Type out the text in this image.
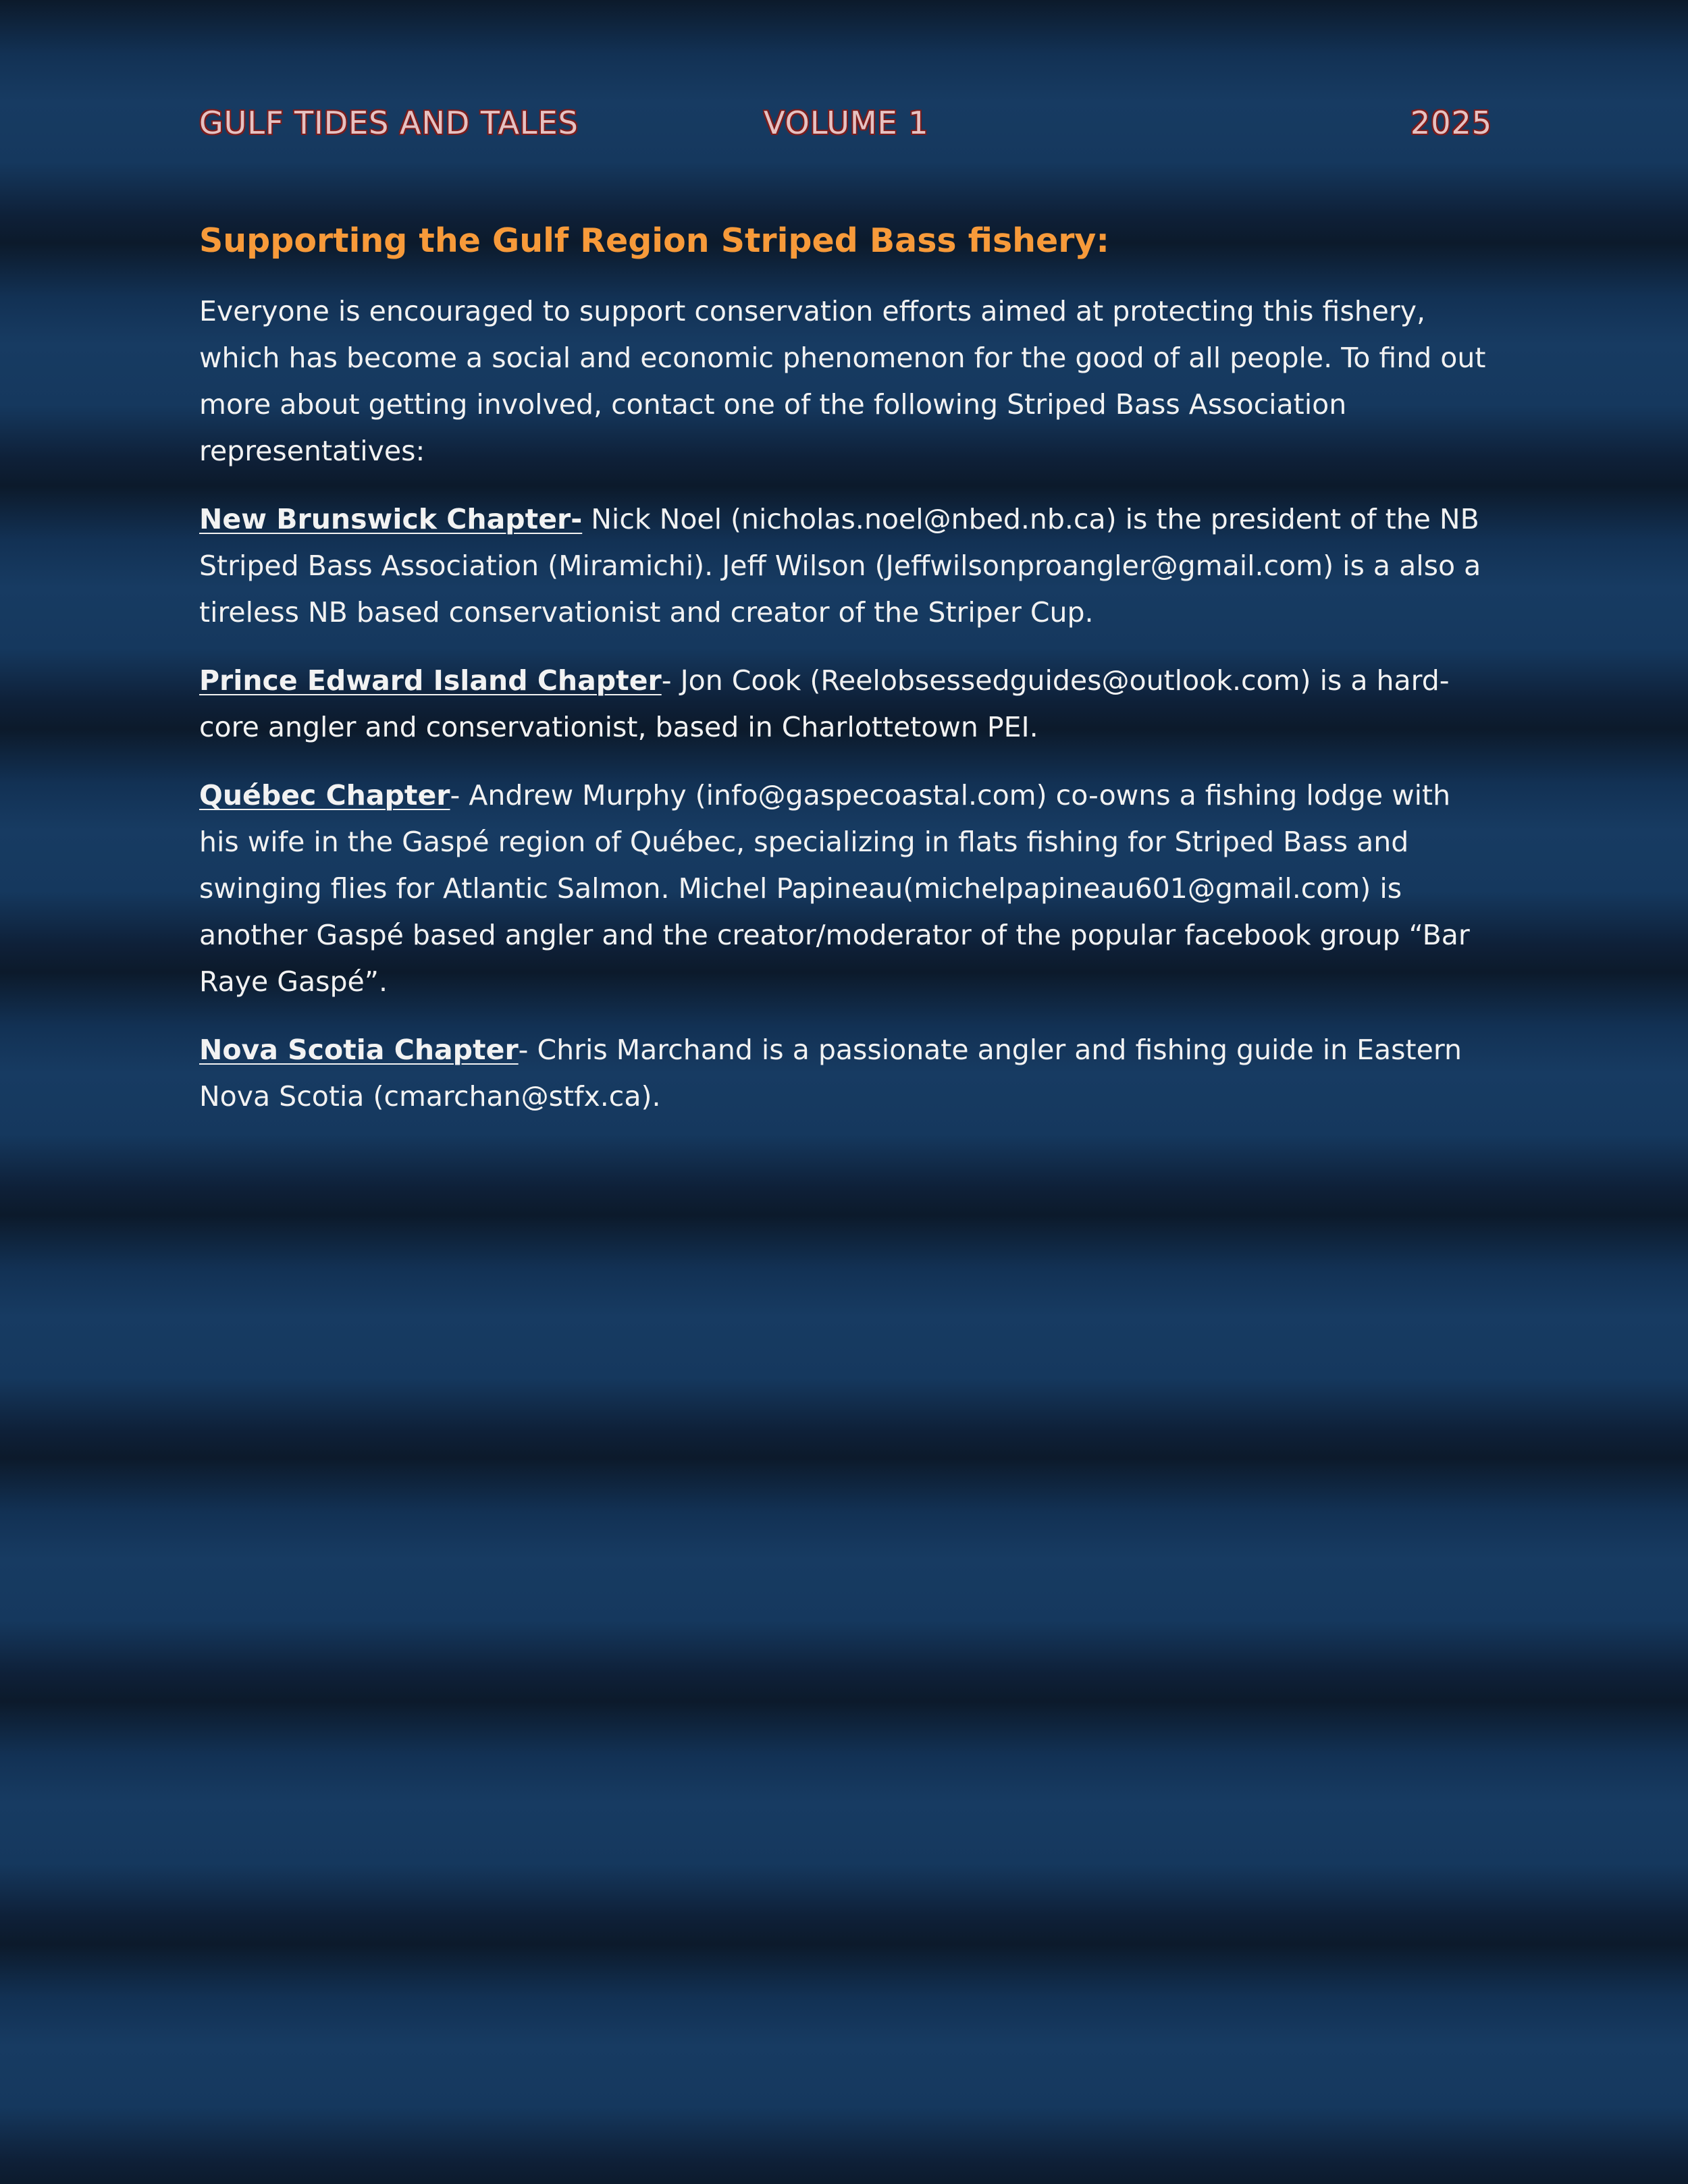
GULF TIDES AND TALES	VOLUME 1	2025
Supporting the Gulf Region Striped Bass fishery:

Everyone is encouraged to support conservation efforts aimed at protecting this fishery, which has become a social and economic phenomenon for the good of all people. To find out more about getting involved, contact one of the following Striped Bass Association representatives:

New Brunswick Chapter- Nick Noel (nicholas.noel@nbed.nb.ca) is the president of the NB Striped Bass Association (Miramichi). Jeff Wilson (Jeffwilsonproangler@gmail.com) is a also a tireless NB based conservationist and creator of the Striper Cup.

Prince Edward Island Chapter- Jon Cook (Reelobsessedguides@outlook.com) is a hard-core angler and conservationist, based in Charlottetown PEI.

Québec Chapter- Andrew Murphy (info@gaspecoastal.com) co-owns a fishing lodge with his wife in the Gaspé region of Québec, specializing in flats fishing for Striped Bass and swinging flies for Atlantic Salmon. Michel Papineau(michelpapineau601@gmail.com) is another Gaspé based angler and the creator/moderator of the popular facebook group “Bar Raye Gaspé”.

Nova Scotia Chapter- Chris Marchand is a passionate angler and fishing guide in Eastern Nova Scotia (cmarchan@stfx.ca).
